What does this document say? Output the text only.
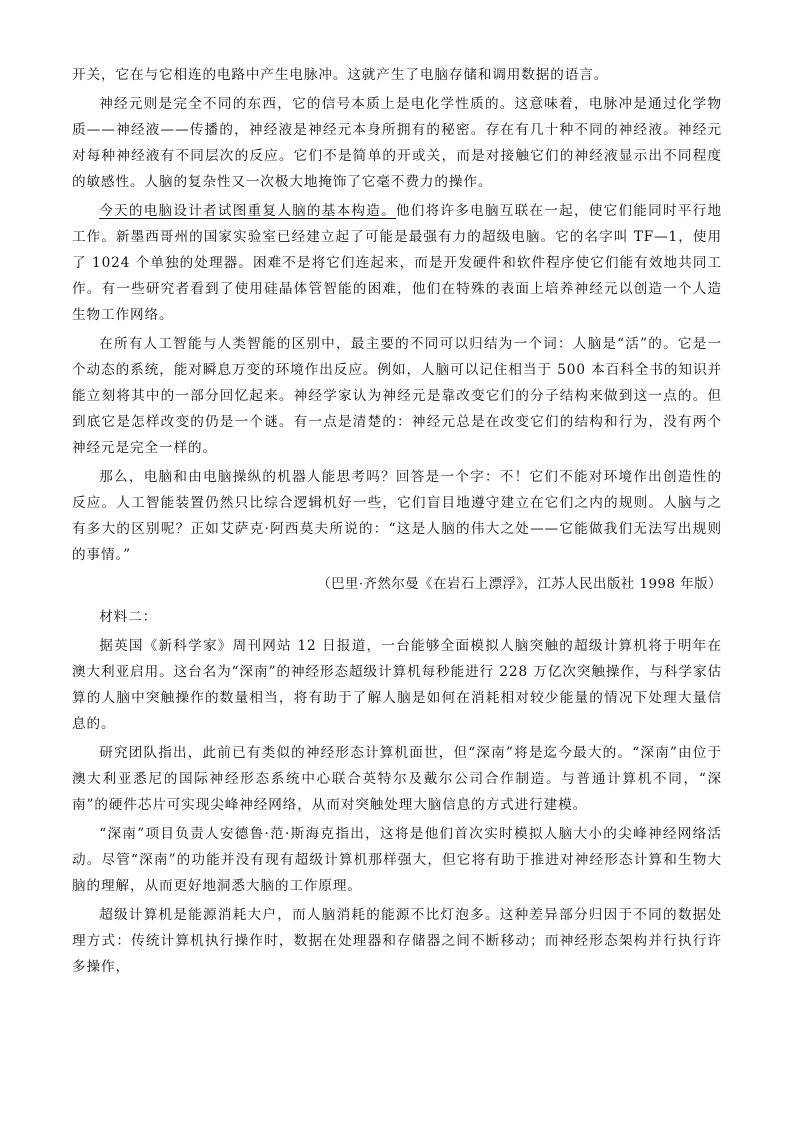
开关，它在与它相连的电路中产生电脉冲。这就产生了电脑存储和调用数据的语言。

神经元则是完全不同的东西，它的信号本质上是电化学性质的。这意味着，电脉冲是通过化学物质——神经液——传播的，神经液是神经元本身所拥有的秘密。存在有几十种不同的神经液。神经元对每种神经液有不同层次的反应。它们不是简单的开或关，而是对接触它们的神经液显示出不同程度的敏感性。人脑的复杂性又一次极大地掩饰了它毫不费力的操作。

今天的电脑设计者试图重复人脑的基本构造。他们将许多电脑互联在一起，使它们能同时平行地工作。新墨西哥州的国家实验室已经建立起了可能是最强有力的超级电脑。它的名字叫 TF—1，使用了 1024 个单独的处理器。困难不是将它们连起来，而是开发硬件和软件程序使它们能有效地共同工作。有一些研究者看到了使用硅晶体管智能的困难，他们在特殊的表面上培养神经元以创造一个人造生物工作网络。

在所有人工智能与人类智能的区别中，最主要的不同可以归结为一个词：人脑是“活”的。它是一个动态的系统，能对瞬息万变的环境作出反应。例如，人脑可以记住相当于 500 本百科全书的知识并能立刻将其中的一部分回忆起来。神经学家认为神经元是靠改变它们的分子结构来做到这一点的。但到底它是怎样改变的仍是一个谜。有一点是清楚的：神经元总是在改变它们的结构和行为，没有两个神经元是完全一样的。

那么，电脑和由电脑操纵的机器人能思考吗？回答是一个字：不！它们不能对环境作出创造性的反应。人工智能装置仍然只比综合逻辑机好一些，它们盲目地遵守建立在它们之内的规则。人脑与之有多大的区别呢？正如艾萨克·阿西莫夫所说的：“这是人脑的伟大之处——它能做我们无法写出规则的事情。”

（巴里·齐然尔曼《在岩石上漂浮》，江苏人民出版社 1998 年版）

材料二：

据英国《新科学家》周刊网站 12 日报道，一台能够全面模拟人脑突触的超级计算机将于明年在澳大利亚启用。这台名为“深南”的神经形态超级计算机每秒能进行 228 万亿次突触操作，与科学家估算的人脑中突触操作的数量相当，将有助于了解人脑是如何在消耗相对较少能量的情况下处理大量信息的。

研究团队指出，此前已有类似的神经形态计算机面世，但“深南”将是迄今最大的。“深南”由位于澳大利亚悉尼的国际神经形态系统中心联合英特尔及戴尔公司合作制造。与普通计算机不同，“深南”的硬件芯片可实现尖峰神经网络，从而对突触处理大脑信息的方式进行建模。

“深南”项目负责人安德鲁·范·斯海克指出，这将是他们首次实时模拟人脑大小的尖峰神经网络活动。尽管“深南”的功能并没有现有超级计算机那样强大，但它将有助于推进对神经形态计算和生物大脑的理解，从而更好地洞悉大脑的工作原理。

超级计算机是能源消耗大户，而人脑消耗的能源不比灯泡多。这种差异部分归因于不同的数据处理方式：传统计算机执行操作时，数据在处理器和存储器之间不断移动；而神经形态架构并行执行许多操作，
